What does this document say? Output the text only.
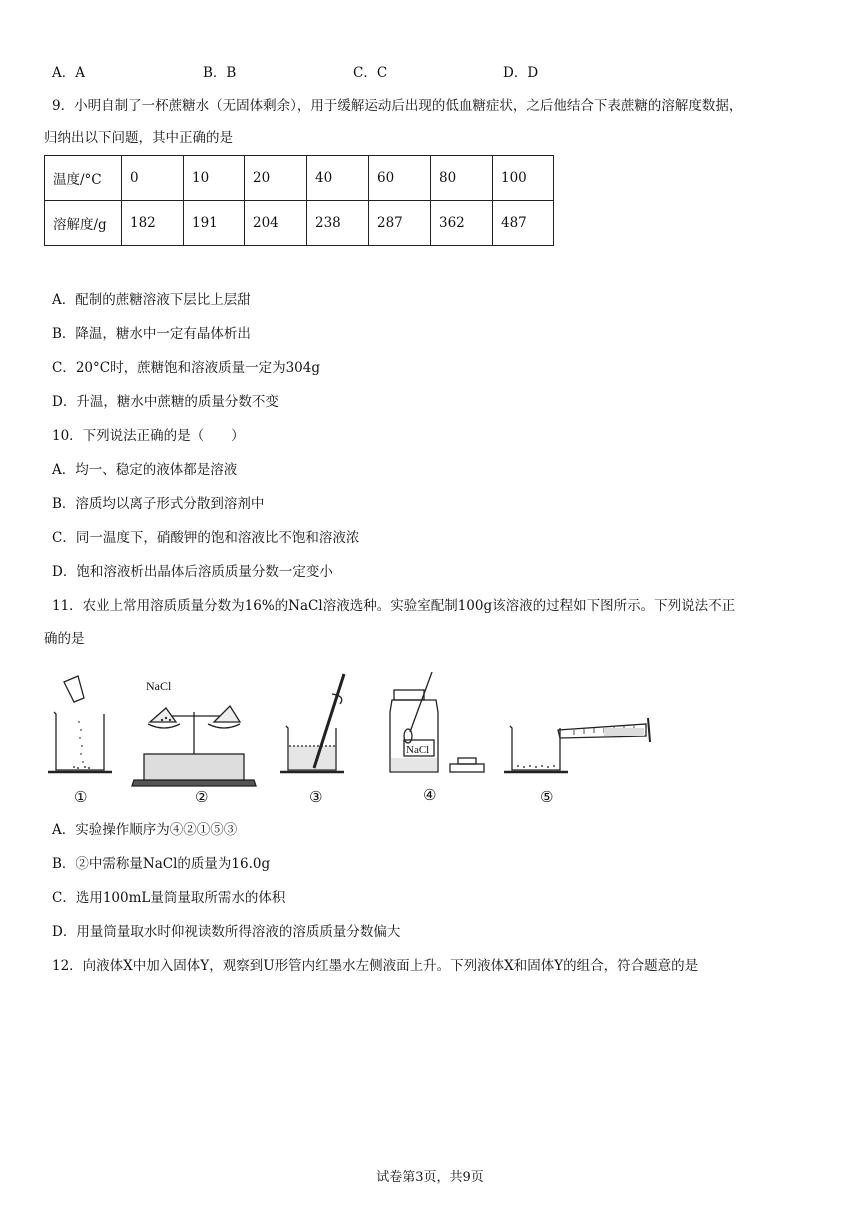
A．A	B．B	C．C	D．D
9．小明自制了一杯蔗糖水（无固体剩余），用于缓解运动后出现的低血糖症状，之后他结合下表蔗糖的溶解度数据，
归纳出以下问题，其中正确的是
温度/°C	0	10	20	40	60	80	100
溶解度/g	182	191	204	238	287	362	487
A．配制的蔗糖溶液下层比上层甜
B．降温，糖水中一定有晶体析出
C．20°C时，蔗糖饱和溶液质量一定为304g
D．升温，糖水中蔗糖的质量分数不变
10．下列说法正确的是（　　）
A．均一、稳定的液体都是溶液
B．溶质均以离子形式分散到溶剂中
C．同一温度下，硝酸钾的饱和溶液比不饱和溶液浓
D．饱和溶液析出晶体后溶质质量分数一定变小
11．农业上常用溶质质量分数为16%的NaCl溶液选种。实验室配制100g该溶液的过程如下图所示。下列说法不正
确的是
NaCl
NaCl
①	②	③	④	⑤
A．实验操作顺序为④②①⑤③
B．②中需称量NaCl的质量为16.0g
C．选用100mL量筒量取所需水的体积
D．用量筒量取水时仰视读数所得溶液的溶质质量分数偏大
12．向液体X中加入固体Y，观察到U形管内红墨水左侧液面上升。下列液体X和固体Y的组合，符合题意的是
试卷第3页，共9页
